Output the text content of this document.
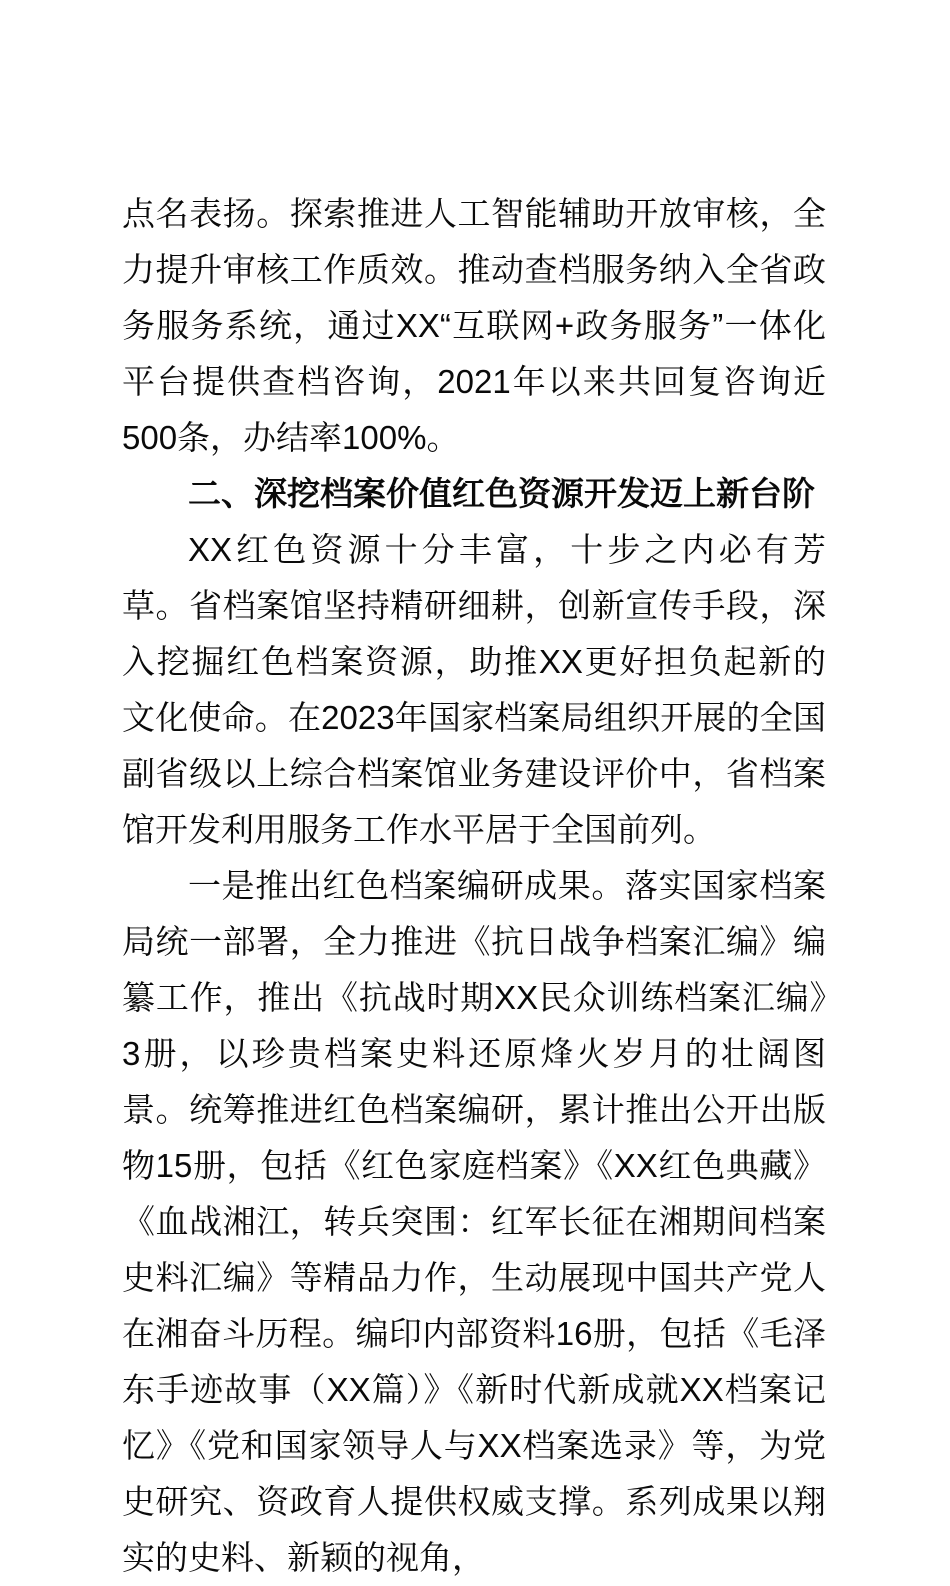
点名表扬。探索推进人工智能辅助开放审核，全力提升审核工作质效。推动查档服务纳入全省政务服务系统，通过XX“互联网+政务服务”一体化平台提供查档咨询，2021年以来共回复咨询近500条，办结率100%。

二、深挖档案价值红色资源开发迈上新台阶

XX红色资源十分丰富，十步之内必有芳草。省档案馆坚持精研细耕，创新宣传手段，深入挖掘红色档案资源，助推XX更好担负起新的文化使命。在2023年国家档案局组织开展的全国副省级以上综合档案馆业务建设评价中，省档案馆开发利用服务工作水平居于全国前列。

一是推出红色档案编研成果。落实国家档案局统一部署，全力推进《抗日战争档案汇编》编纂工作，推出《抗战时期XX民众训练档案汇编》3册，以珍贵档案史料还原烽火岁月的壮阔图景。统筹推进红色档案编研，累计推出公开出版物15册，包括《红色家庭档案》《XX红色典藏》《血战湘江，转兵突围：红军长征在湘期间档案史料汇编》等精品力作，生动展现中国共产党人在湘奋斗历程。编印内部资料16册，包括《毛泽东手迹故事（XX篇）》《新时代新成就XX档案记忆》《党和国家领导人与XX档案选录》等，为党史研究、资政育人提供权威支撑。系列成果以翔实的史料、新颖的视角，
